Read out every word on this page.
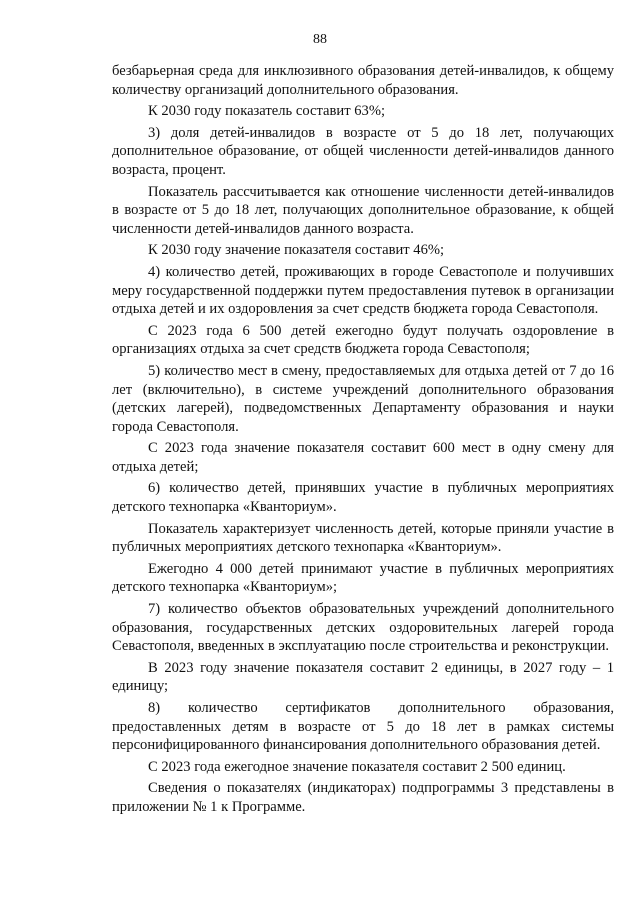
88

безбарьерная среда для инклюзивного образования детей-инвалидов, к общему количеству организаций дополнительного образования.

К 2030 году показатель составит 63%;

3) доля детей-инвалидов в возрасте от 5 до 18 лет, получающих дополнительное образование, от общей численности детей-инвалидов данного возраста, процент.

Показатель рассчитывается как отношение численности детей-инвалидов в возрасте от 5 до 18 лет, получающих дополнительное образование, к общей численности детей-инвалидов данного возраста.

К 2030 году значение показателя составит 46%;

4) количество детей, проживающих в городе Севастополе и получивших меру государственной поддержки путем предоставления путевок в организации отдыха детей и их оздоровления за счет средств бюджета города Севастополя.

С 2023 года 6 500 детей ежегодно будут получать оздоровление в организациях отдыха за счет средств бюджета города Севастополя;

5) количество мест в смену, предоставляемых для отдыха детей от 7 до 16 лет (включительно), в системе учреждений дополнительного образования (детских лагерей), подведомственных Департаменту образования и науки города Севастополя.

С 2023 года значение показателя составит 600 мест в одну смену для отдыха детей;

6) количество детей, принявших участие в публичных мероприятиях детского технопарка «Кванториум».

Показатель характеризует численность детей, которые приняли участие в публичных мероприятиях детского технопарка «Кванториум».

Ежегодно 4 000 детей принимают участие в публичных мероприятиях детского технопарка «Кванториум»;

7) количество объектов образовательных учреждений дополнительного образования, государственных детских оздоровительных лагерей города Севастополя, введенных в эксплуатацию после строительства и реконструкции.

В 2023 году значение показателя составит 2 единицы, в 2027 году – 1 единицу;

8) количество сертификатов дополнительного образования, предоставленных детям в возрасте от 5 до 18 лет в рамках системы персонифицированного финансирования дополнительного образования детей.

С 2023 года ежегодное значение показателя составит 2 500 единиц.

Сведения о показателях (индикаторах) подпрограммы 3 представлены в приложении № 1 к Программе.
